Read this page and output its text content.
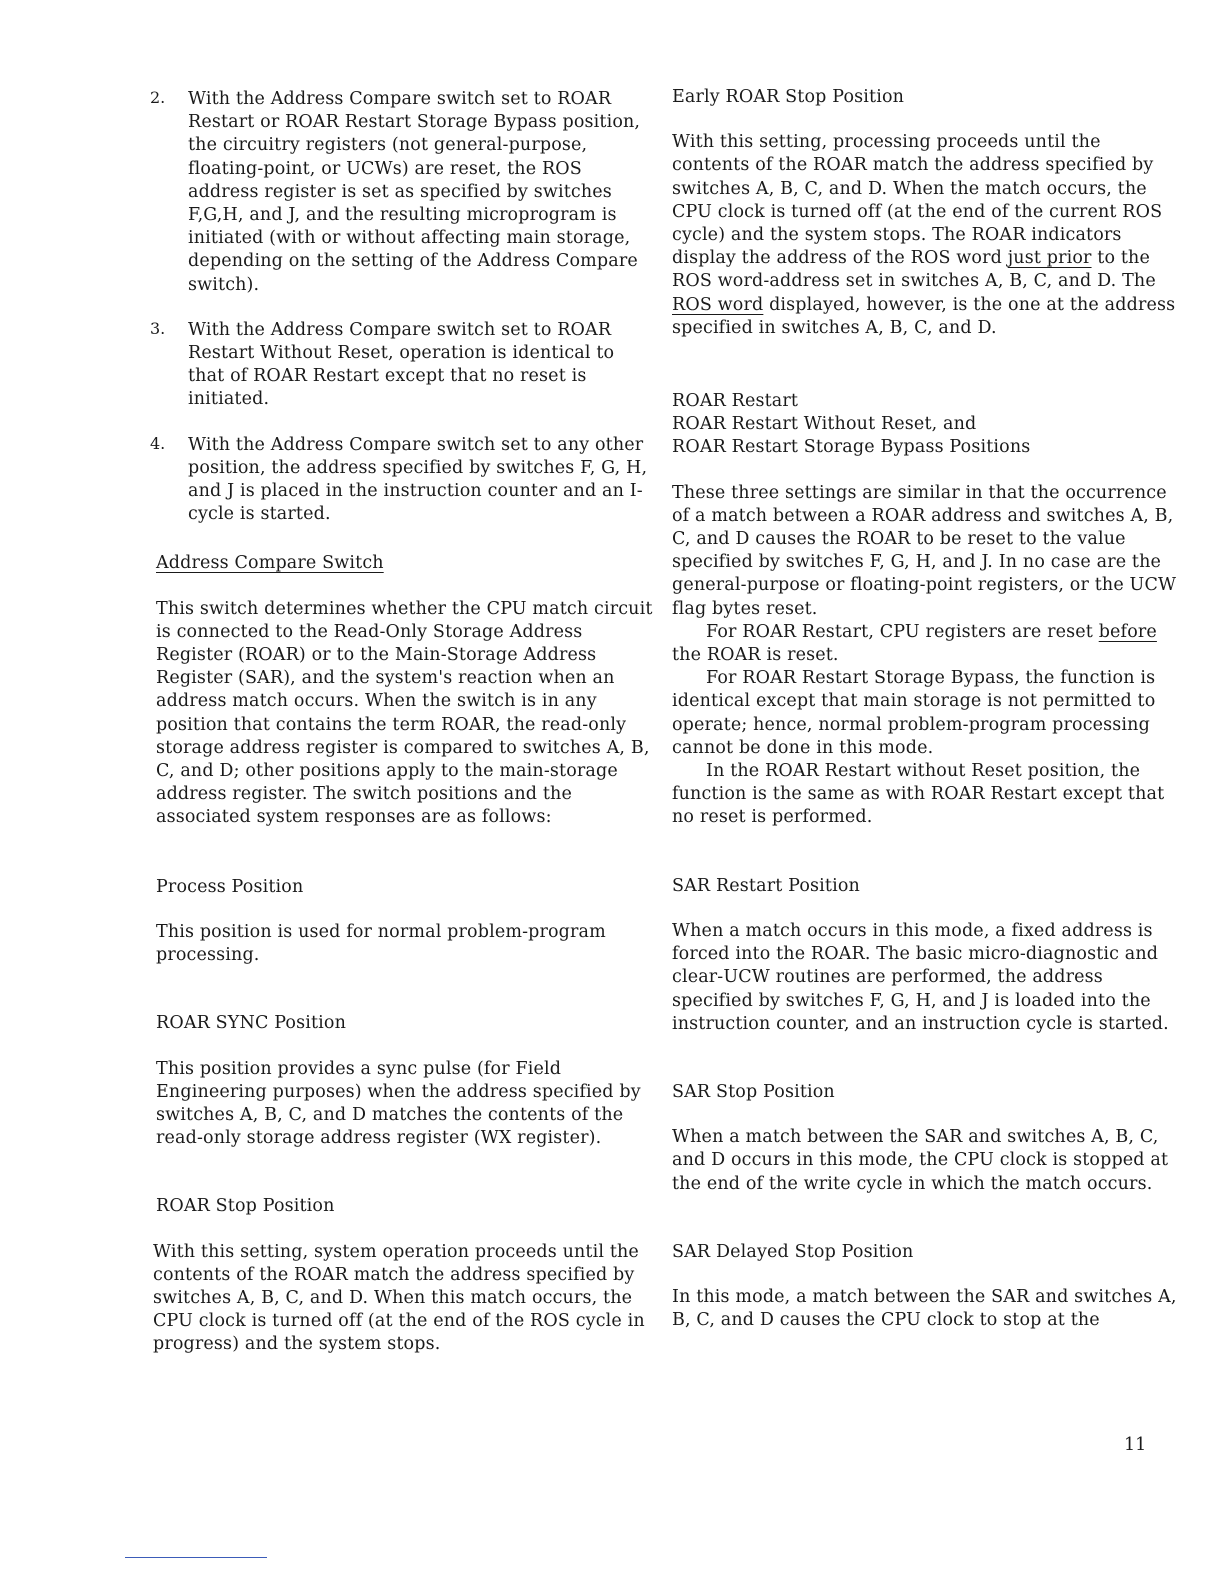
2.	With the Address Compare switch set to ROAR Restart or ROAR Restart Storage Bypass position, the circuitry registers (not general-purpose, floating-point, or UCWs) are reset, the ROS address register is set as specified by switches F,G,H, and J, and the resulting microprogram is initiated (with or without affecting main storage, depending on the setting of the Address Compare switch).

3.	With the Address Compare switch set to ROAR Restart Without Reset, operation is identical to that of ROAR Restart except that no reset is initiated.

4.	With the Address Compare switch set to any other position, the address specified by switches F, G, H, and J is placed in the instruction counter and an I-cycle is started.

Address Compare Switch

This switch determines whether the CPU match circuit is connected to the Read-Only Storage Address Register (ROAR) or to the Main-Storage Address Register (SAR), and the system's reaction when an address match occurs. When the switch is in any position that contains the term ROAR, the read-only storage address register is compared to switches A, B, C, and D; other positions apply to the main-storage address register. The switch positions and the associated system responses are as follows:

Process Position

This position is used for normal problem-program processing.

ROAR SYNC Position

This position provides a sync pulse (for Field Engineering purposes) when the address specified by switches A, B, C, and D matches the contents of the read-only storage address register (WX register).

ROAR Stop Position

With this setting, system operation proceeds until the contents of the ROAR match the address specified by switches A, B, C, and D. When this match occurs, the CPU clock is turned off (at the end of the ROS cycle in progress) and the system stops.

Early ROAR Stop Position

With this setting, processing proceeds until the contents of the ROAR match the address specified by switches A, B, C, and D. When the match occurs, the CPU clock is turned off (at the end of the current ROS cycle) and the system stops. The ROAR indicators display the address of the ROS word just prior to the ROS word-address set in switches A, B, C, and D. The ROS word displayed, however, is the one at the address specified in switches A, B, C, and D.

ROAR Restart
ROAR Restart Without Reset, and
ROAR Restart Storage Bypass Positions

These three settings are similar in that the occurrence of a match between a ROAR address and switches A, B, C, and D causes the ROAR to be reset to the value specified by switches F, G, H, and J. In no case are the general-purpose or floating-point registers, or the UCW flag bytes reset.

For ROAR Restart, CPU registers are reset before the ROAR is reset.

For ROAR Restart Storage Bypass, the function is identical except that main storage is not permitted to operate; hence, normal problem-program processing cannot be done in this mode.

In the ROAR Restart without Reset position, the function is the same as with ROAR Restart except that no reset is performed.

SAR Restart Position

When a match occurs in this mode, a fixed address is forced into the ROAR. The basic micro-diagnostic and clear-UCW routines are performed, the address specified by switches F, G, H, and J is loaded into the instruction counter, and an instruction cycle is started.

SAR Stop Position

When a match between the SAR and switches A, B, C, and D occurs in this mode, the CPU clock is stopped at the end of the write cycle in which the match occurs.

SAR Delayed Stop Position

In this mode, a match between the SAR and switches A, B, C, and D causes the CPU clock to stop at the

11
